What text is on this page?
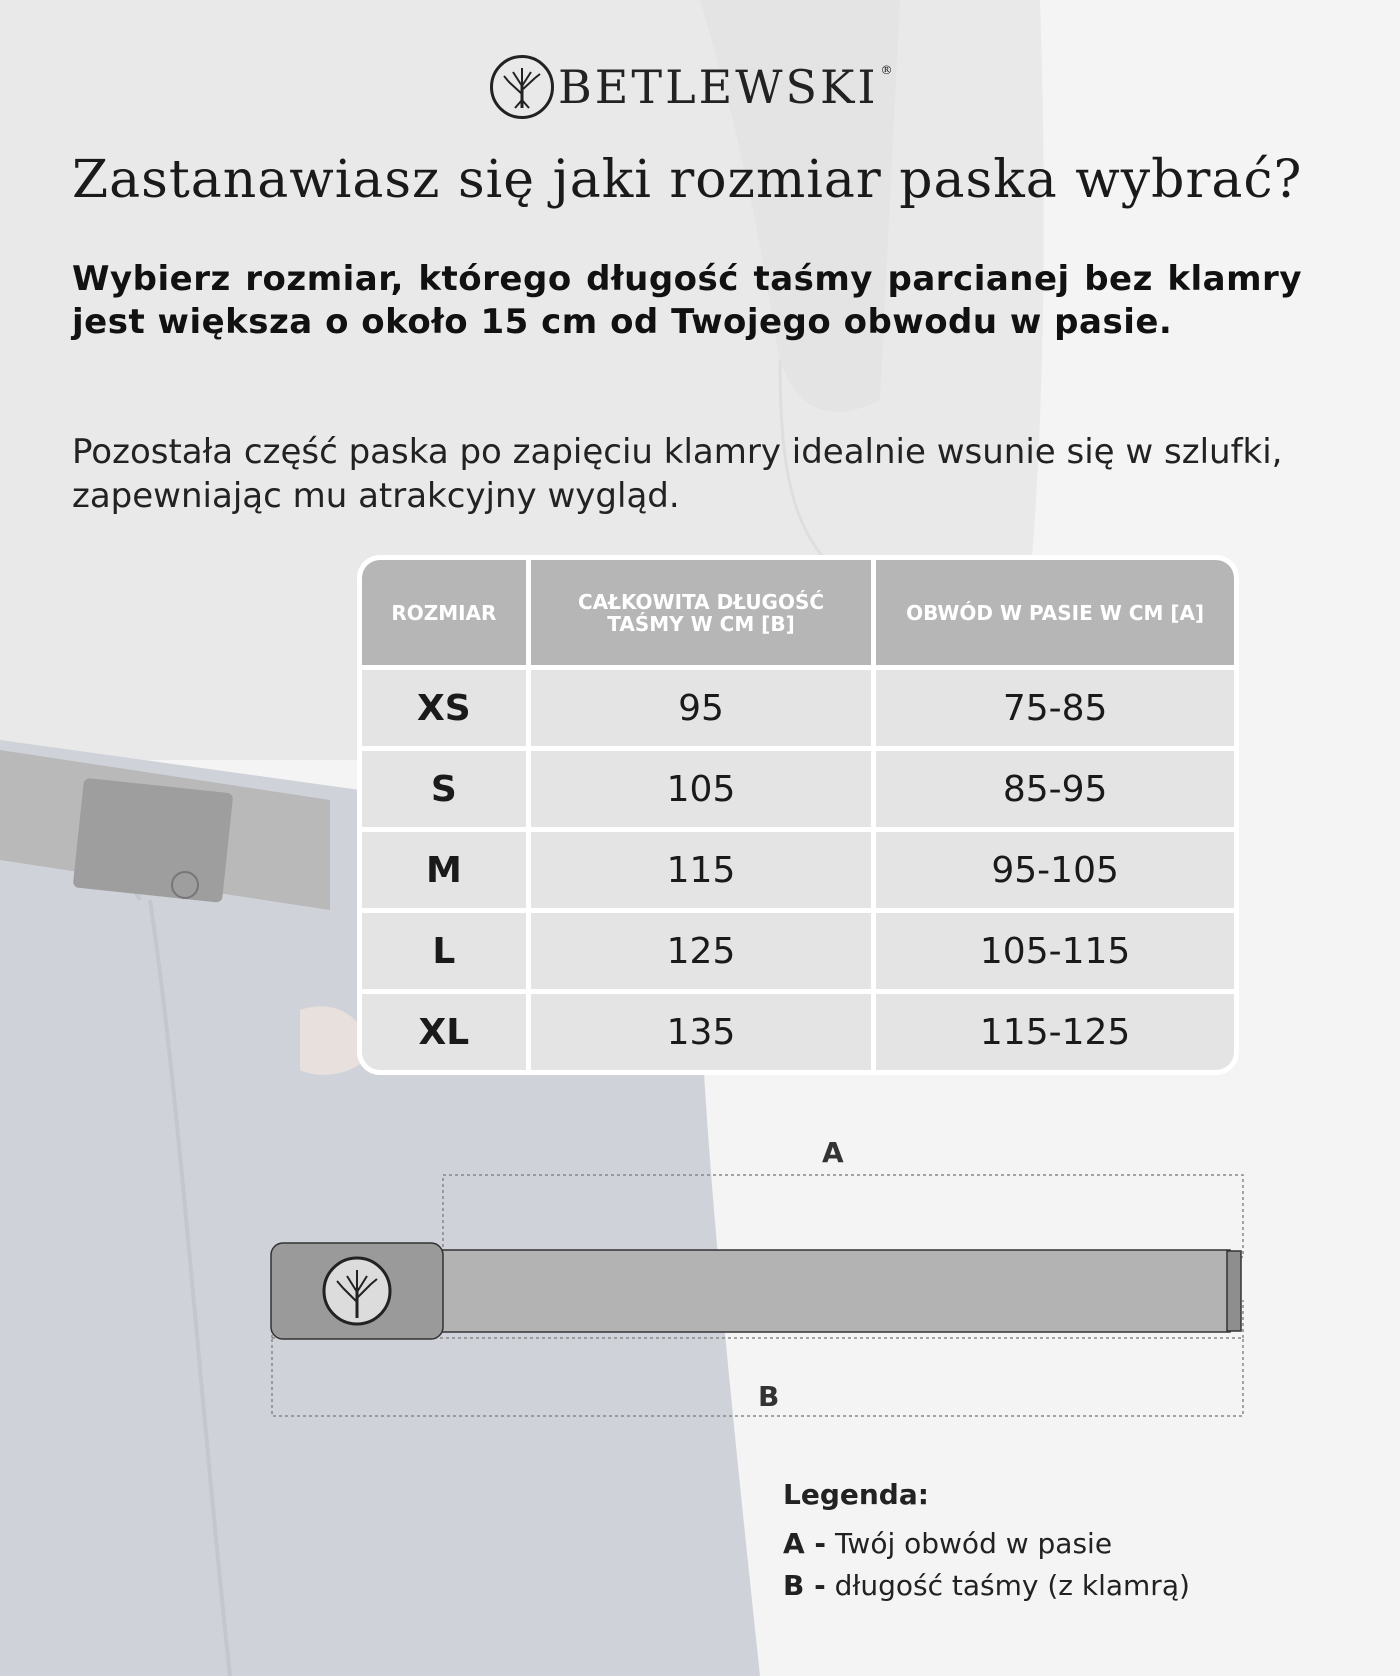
BETLEWSKI ®
Zastanawiasz się jaki rozmiar paska wybrać?
Wybierz rozmiar, którego długość taśmy parcianej bez klamry jest większa o około 15 cm od Twojego obwodu w pasie.
Pozostała część paska po zapięciu klamry idealnie wsunie się w szlufki, zapewniając mu atrakcyjny wygląd.
ROZMIAR	CAŁKOWITA DŁUGOŚĆ TAŚMY W CM [B]	OBWÓD W PASIE W CM [A]
XS	95	75-85
S	105	85-95
M	115	95-105
L	125	105-115
XL	135	115-125
A
B
Legenda:
A - Twój obwód w pasie
B - długość taśmy (z klamrą)
